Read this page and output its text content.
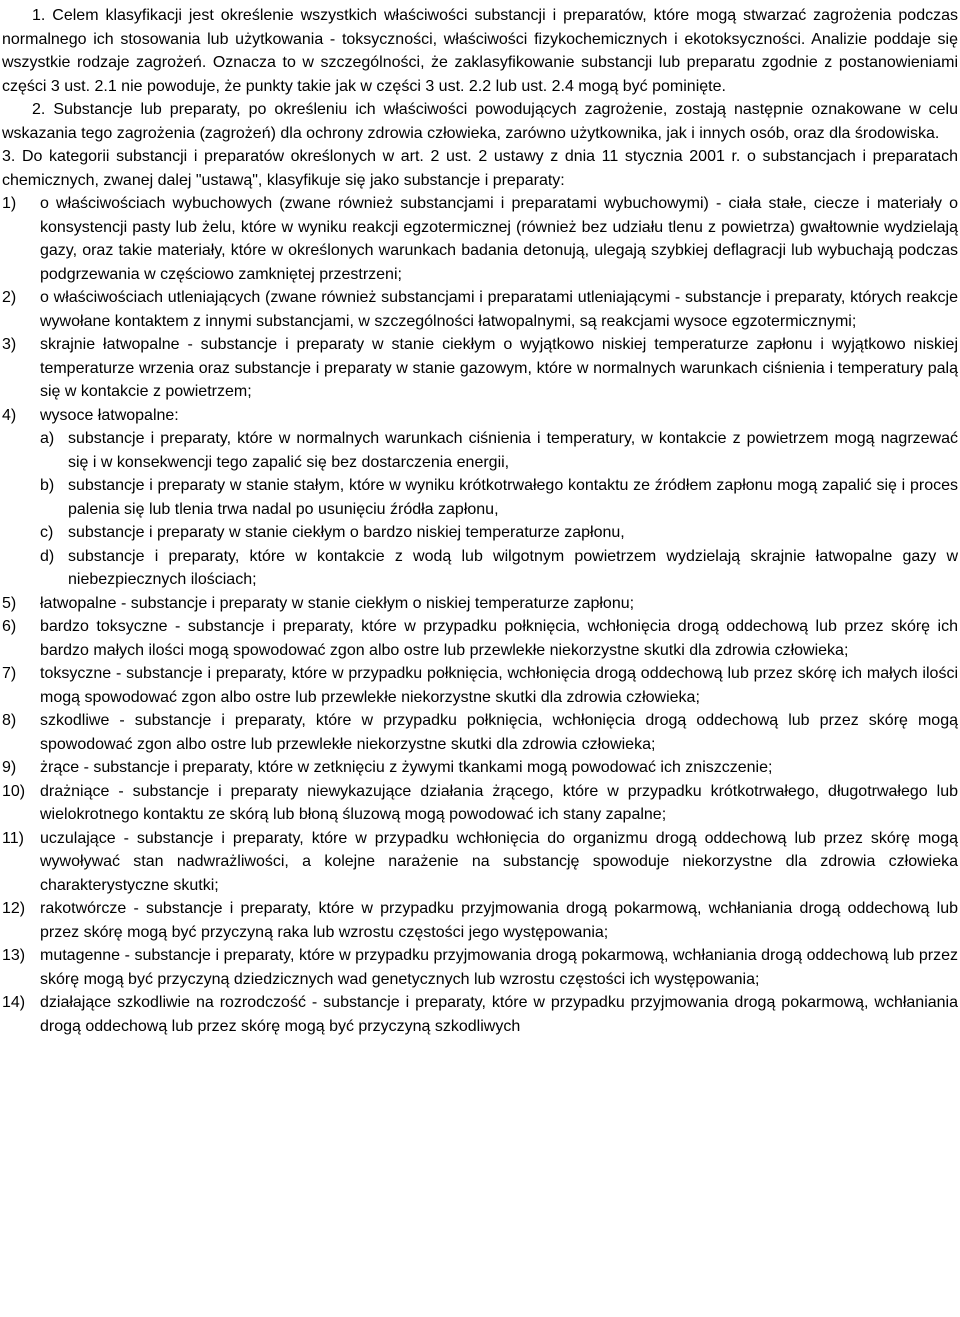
1. Celem klasyfikacji jest określenie wszystkich właściwości substancji i preparatów, które mogą stwarzać zagrożenia podczas normalnego ich stosowania lub użytkowania - toksyczności, właściwości fizykochemicznych i ekotoksyczności. Analizie poddaje się wszystkie rodzaje zagrożeń. Oznacza to w szczególności, że zaklasyfikowanie substancji lub preparatu zgodnie z postanowieniami części 3 ust. 2.1 nie powoduje, że punkty takie jak w części 3 ust. 2.2 lub ust. 2.4 mogą być pominięte.

2. Substancje lub preparaty, po określeniu ich właściwości powodujących zagrożenie, zostają następnie oznakowane w celu wskazania tego zagrożenia (zagrożeń) dla ochrony zdrowia człowieka, zarówno użytkownika, jak i innych osób, oraz dla środowiska.

3. Do kategorii substancji i preparatów określonych w art. 2 ust. 2 ustawy z dnia 11 stycznia 2001 r. o substancjach i preparatach chemicznych, zwanej dalej "ustawą", klasyfikuje się jako substancje i preparaty:

1)	o właściwościach wybuchowych (zwane również substancjami i preparatami wybuchowymi) - ciała stałe, ciecze i materiały o konsystencji pasty lub żelu, które w wyniku reakcji egzotermicznej (również bez udziału tlenu z powietrza) gwałtownie wydzielają gazy, oraz takie materiały, które w określonych warunkach badania detonują, ulegają szybkiej deflagracji lub wybuchają podczas podgrzewania w częściowo zamkniętej przestrzeni;
2)	o właściwościach utleniających (zwane również substancjami i preparatami utleniającymi - substancje i preparaty, których reakcje wywołane kontaktem z innymi substancjami, w szczególności łatwopalnymi, są reakcjami wysoce egzotermicznymi;
3)	skrajnie łatwopalne - substancje i preparaty w stanie ciekłym o wyjątkowo niskiej temperaturze zapłonu i wyjątkowo niskiej temperaturze wrzenia oraz substancje i preparaty w stanie gazowym, które w normalnych warunkach ciśnienia i temperatury palą się w kontakcie z powietrzem;
4)	wysoce łatwopalne:
a) substancje i preparaty, które w normalnych warunkach ciśnienia i temperatury, w kontakcie z powietrzem mogą nagrzewać się i w konsekwencji tego zapalić się bez dostarczenia energii,
b) substancje i preparaty w stanie stałym, które w wyniku krótkotrwałego kontaktu ze źródłem zapłonu mogą zapalić się i proces palenia się lub tlenia trwa nadal po usunięciu źródła zapłonu,
c) substancje i preparaty w stanie ciekłym o bardzo niskiej temperaturze zapłonu,
d) substancje i preparaty, które w kontakcie z wodą lub wilgotnym powietrzem wydzielają skrajnie łatwopalne gazy w niebezpiecznych ilościach;
5)	łatwopalne - substancje i preparaty w stanie ciekłym o niskiej temperaturze zapłonu;
6)	bardzo toksyczne - substancje i preparaty, które w przypadku połknięcia, wchłonięcia drogą oddechową lub przez skórę ich bardzo małych ilości mogą spowodować zgon albo ostre lub przewlekłe niekorzystne skutki dla zdrowia człowieka;
7)	toksyczne - substancje i preparaty, które w przypadku połknięcia, wchłonięcia drogą oddechową lub przez skórę ich małych ilości mogą spowodować zgon albo ostre lub przewlekłe niekorzystne skutki dla zdrowia człowieka;
8)	szkodliwe - substancje i preparaty, które w przypadku połknięcia, wchłonięcia drogą oddechową lub przez skórę mogą spowodować zgon albo ostre lub przewlekłe niekorzystne skutki dla zdrowia człowieka;
9)	żrące - substancje i preparaty, które w zetknięciu z żywymi tkankami mogą powodować ich zniszczenie;
10) drażniące - substancje i preparaty niewykazujące działania żrącego, które w przypadku krótkotrwałego, długotrwałego lub wielokrotnego kontaktu ze skórą lub błoną śluzową mogą powodować ich stany zapalne;
11)	uczulające - substancje i preparaty, które w przypadku wchłonięcia do organizmu drogą oddechową lub przez skórę mogą wywoływać stan nadwrażliwości, a kolejne narażenie na substancję spowoduje niekorzystne dla zdrowia człowieka charakterystyczne skutki;
12) rakotwórcze - substancje i preparaty, które w przypadku przyjmowania drogą pokarmową, wchłaniania drogą oddechową lub przez skórę mogą być przyczyną raka lub wzrostu częstości jego występowania;
13) mutagenne - substancje i preparaty, które w przypadku przyjmowania drogą pokarmową, wchłaniania drogą oddechową lub przez skórę mogą być przyczyną dziedzicznych wad genetycznych lub wzrostu częstości ich występowania;
14) działające szkodliwie na rozrodczość - substancje i preparaty, które w przypadku przyjmowania drogą pokarmową, wchłaniania drogą oddechową lub przez skórę mogą być przyczyną szkodliwych
